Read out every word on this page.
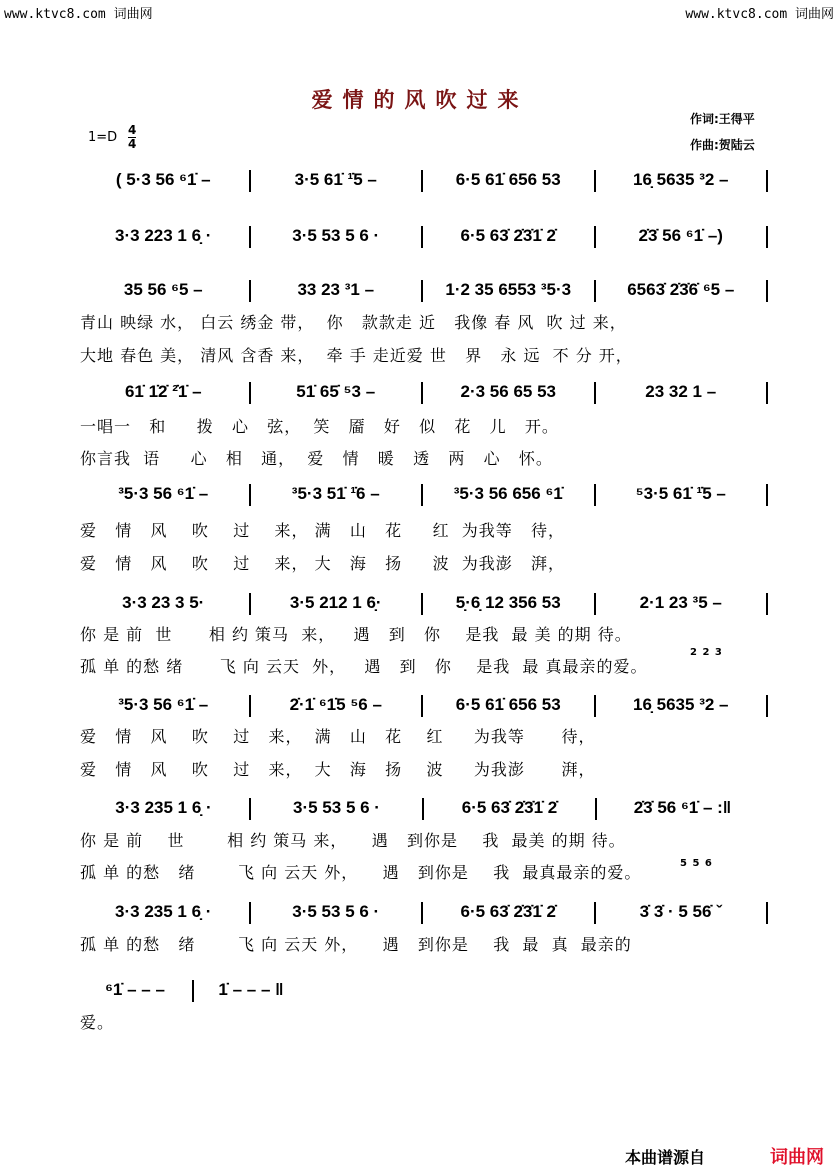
www.ktvc8.com 词曲网	www.ktvc8.com 词曲网
爱情的风吹过来
作词:王得平
作曲:贺陆云
1=D 4
4
( 5·3 56 ⁶1̇ –	3·5 61̇ ¹̇5 –	6·5 61̇ 656 53	16̣ 5635 ³2 –
3·3 223 1 6̣ ·	3·5 53 5 6 ·	6·5 63̇ 2̇3̇1̇ 2̇	2̇3̇ 56 ⁶1̇ –)
35 56 ⁶5 –	33 23 ³1 –	1·2 35 6553 ³5·3	6563̇ 2̇3̇6̇ ⁶5 –
青山 映绿 水， 白云 绣金 带，  你   款款走 近   我像 春 风  吹 过 来，
大地 春色 美， 清风 含香 来，  牵 手 走近爱 世   界   永 远  不 分 开，
61̇ 1̇2̇ ²̇1̇ –	51̇ 65̇ ⁵3 –	2·3 56 65 53	23 32 1 –
一唱一   和     拨   心   弦，  笑   靥   好   似   花   儿   开。
你言我  语     心   相   通，  爱   情   暖   透   两   心   怀。
³5·3 56 ⁶1̇ –	³5·3 51̇ ¹̇6 –	³5·3 56 656 ⁶1̇	⁵3·5 61̇ ¹̇5 –
爱   情   风    吹    过    来， 满   山   花     红  为我等   待，
爱   情   风    吹    过    来， 大   海   扬     波  为我澎   湃，
3·3 23 3 5·	3·5 212 1 6̣·	5̣·6̣ 12 356 53	2·1 23 ³5 –
你 是 前  世      相 约 策马  来，   遇   到   你    是我  最 美 的期 待。
孤 单 的愁 绪      飞 向 云天  外，   遇   到   你    是我  最 真最亲的爱。
³5·3 56 ⁶1̇ –	2̇·1̇ ⁶1̇5 ⁵6 –	6·5 61̇ 656 53	16̣ 5635 ³2 –
爱   情   风    吹    过   来，  满   山   花    红     为我等      待，
爱   情   风    吹    过   来，  大   海   扬    波     为我澎      湃，
3·3 235 1 6̣ ·	3·5 53 5 6 ·	6·5 63̇ 2̇3̇1̇ 2̇	2̇3̇ 56 ⁶1̇ – :‖
你 是 前    世       相 约 策马 来，    遇   到你是    我  最美 的期 待。
孤 单 的愁   绪       飞 向 云天 外，    遇   到你是    我  最真最亲的爱。
3·3 235 1 6̣ ·	3·5 53 5 6 ·	6·5 63̇ 2̇3̇1̇ 2̇	3̇ 3̇ · 5 56̇ ˇ
孤 单 的愁   绪       飞 向 云天 外，    遇   到你是    我  最  真  最亲的
⁶1̇ – – –	1̇ – – – ‖
爱。
5 5 6
2 2 3
本曲谱源自	词曲网
